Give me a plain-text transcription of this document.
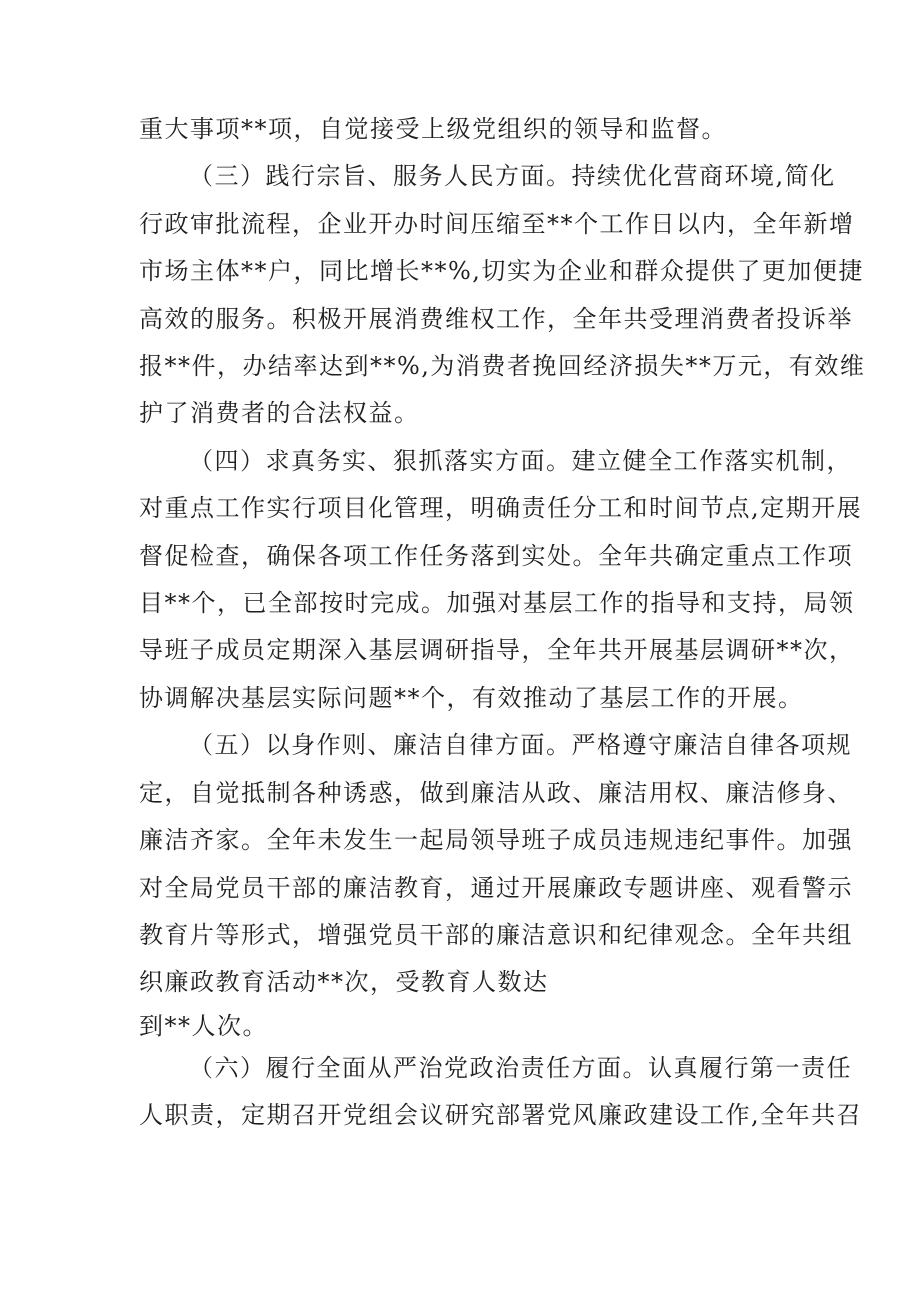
重大事项**项，自觉接受上级党组织的领导和监督。
（三）践行宗旨、服务人民方面。持续优化营商环境,简化
行政审批流程，企业开办时间压缩至**个工作日以内，全年新增
市场主体**户，同比增长**%,切实为企业和群众提供了更加便捷
高效的服务。积极开展消费维权工作，全年共受理消费者投诉举
报**件，办结率达到**%,为消费者挽回经济损失**万元，有效维
护了消费者的合法权益。
（四）求真务实、狠抓落实方面。建立健全工作落实机制，
对重点工作实行项目化管理，明确责任分工和时间节点,定期开展
督促检查，确保各项工作任务落到实处。全年共确定重点工作项
目**个，已全部按时完成。加强对基层工作的指导和支持，局领
导班子成员定期深入基层调研指导，全年共开展基层调研**次，
协调解决基层实际问题**个，有效推动了基层工作的开展。
（五）以身作则、廉洁自律方面。严格遵守廉洁自律各项规
定，自觉抵制各种诱惑，做到廉洁从政、廉洁用权、廉洁修身、
廉洁齐家。全年未发生一起局领导班子成员违规违纪事件。加强
对全局党员干部的廉洁教育，通过开展廉政专题讲座、观看警示
教育片等形式，增强党员干部的廉洁意识和纪律观念。全年共组
织廉政教育活动**次，受教育人数达
到**人次。
（六）履行全面从严治党政治责任方面。认真履行第一责任
人职责，定期召开党组会议研究部署党风廉政建设工作,全年共召
